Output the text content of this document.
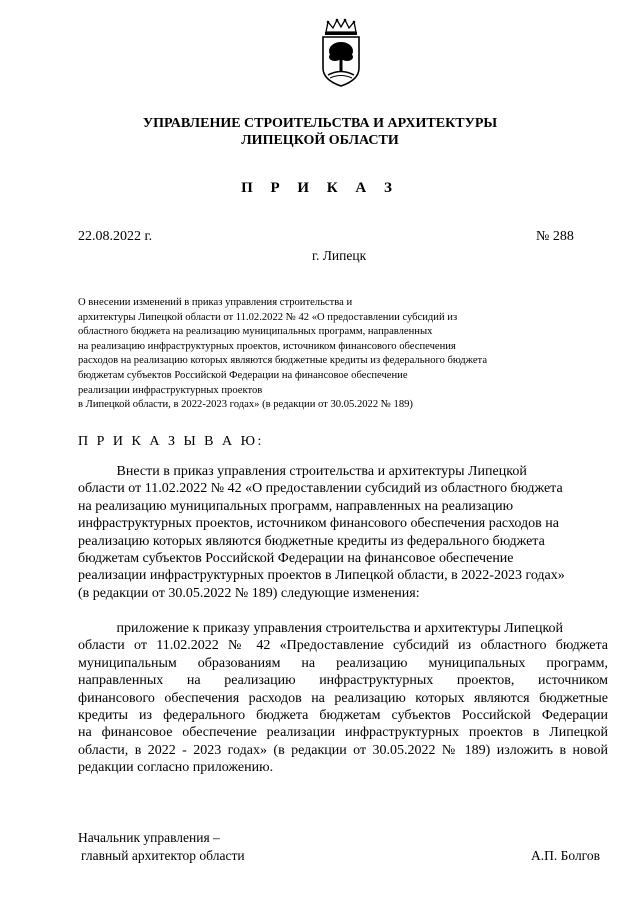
УПРАВЛЕНИЕ СТРОИТЕЛЬСТВА И АРХИТЕКТУРЫ
ЛИПЕЦКОЙ ОБЛАСТИ
П Р И К А З
22.08.2022 г.	№ 288
г. Липецк
О внесении изменений в приказ управления строительства и
архитектуры Липецкой области от 11.02.2022 № 42 «О предоставлении субсидий из
областного бюджета на реализацию муниципальных программ, направленных
на реализацию инфраструктурных проектов, источником финансового обеспечения
расходов на реализацию которых являются бюджетные кредиты из федерального бюджета
бюджетам субъектов Российской Федерации на финансовое обеспечение
реализации инфраструктурных проектов
в Липецкой области, в 2022-2023 годах» (в редакции от 30.05.2022 № 189)
П Р И К А З Ы В А Ю:
Внести в приказ управления строительства и архитектуры Липецкой
области от 11.02.2022 № 42 «О предоставлении субсидий из областного бюджета
на реализацию муниципальных программ, направленных на реализацию
инфраструктурных проектов, источником финансового обеспечения расходов на
реализацию которых являются бюджетные кредиты из федерального бюджета
бюджетам субъектов Российской Федерации на финансовое обеспечение
реализации инфраструктурных проектов в Липецкой области, в 2022-2023 годах»
(в редакции от 30.05.2022 № 189) следующие изменения:
приложение к приказу управления строительства и архитектуры Липецкой
области от 11.02.2022 № 42 «Предоставление субсидий из областного бюджета
муниципальным образованиям на реализацию муниципальных программ,
направленных на реализацию инфраструктурных проектов, источником
финансового обеспечения расходов на реализацию которых являются бюджетные
кредиты из федерального бюджета бюджетам субъектов Российской Федерации
на финансовое обеспечение реализации инфраструктурных проектов в Липецкой
области, в 2022 - 2023 годах» (в редакции от 30.05.2022 № 189) изложить в новой
редакции согласно приложению.
Начальник управления –
главный архитектор области	А.П. Болгов
